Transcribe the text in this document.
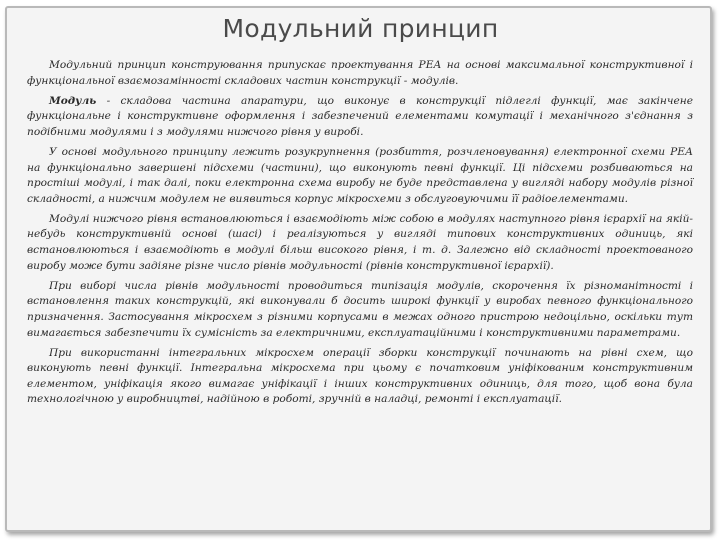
Модульний принцип

Модульний принцип конструювання припускає проектування РЕА на основі максимальної конструктивної і функціональної взаємозамінності складових частин конструкції - модулів.

Модуль - складова частина апаратури, що виконує в конструкції підлеглі функції, має закінчене функціональне і конструктивне оформлення і забезпечений елементами комутації і механічного з'єднання з подібними модулями і з модулями нижчого рівня у виробі.

У основі модульного принципу лежить розукрупнення (розбиття, розчленовування) електронної схеми РЕА на функціонально завершені підсхеми (частини), що виконують певні функції. Ці підсхеми розбиваються на простіші модулі, і так далі, поки електронна схема виробу не буде представлена у вигляді набору модулів різної складності, а нижчим модулем не виявиться корпус мікросхеми з обслуговуючими її радіоелементами.

Модулі нижчого рівня встановлюються і взаємодіють між собою в модулях наступного рівня ієрархії на якій-небудь конструктивній основі (шасі) і реалізуються у вигляді типових конструктивних одиниць, які встановлюються і взаємодіють в модулі більш високого рівня, і т. д. Залежно від складності проектованого виробу може бути задіяне різне число рівнів модульності (рівнів конструктивної ієрархії).

При виборі числа рівнів модульності проводиться типізація модулів, скорочення їх різноманітності і встановлення таких конструкцій, які виконували б досить широкі функції у виробах певного функціонального призначення. Застосування мікросхем з різними корпусами в межах одного пристрою недоцільно, оскільки тут вимагається забезпечити їх сумісність за електричними, експлуатаційними і конструктивними параметрами.

При використанні інтегральних мікросхем операції зборки конструкції починають на рівні схем, що виконують певні функції. Інтегральна мікросхема при цьому є початковим уніфікованим конструктивним елементом, уніфікація якого вимагає уніфікації і інших конструктивних одиниць, для того, щоб вона була технологічною у виробництві, надійною в роботі, зручній в наладці, ремонті і експлуатації.
